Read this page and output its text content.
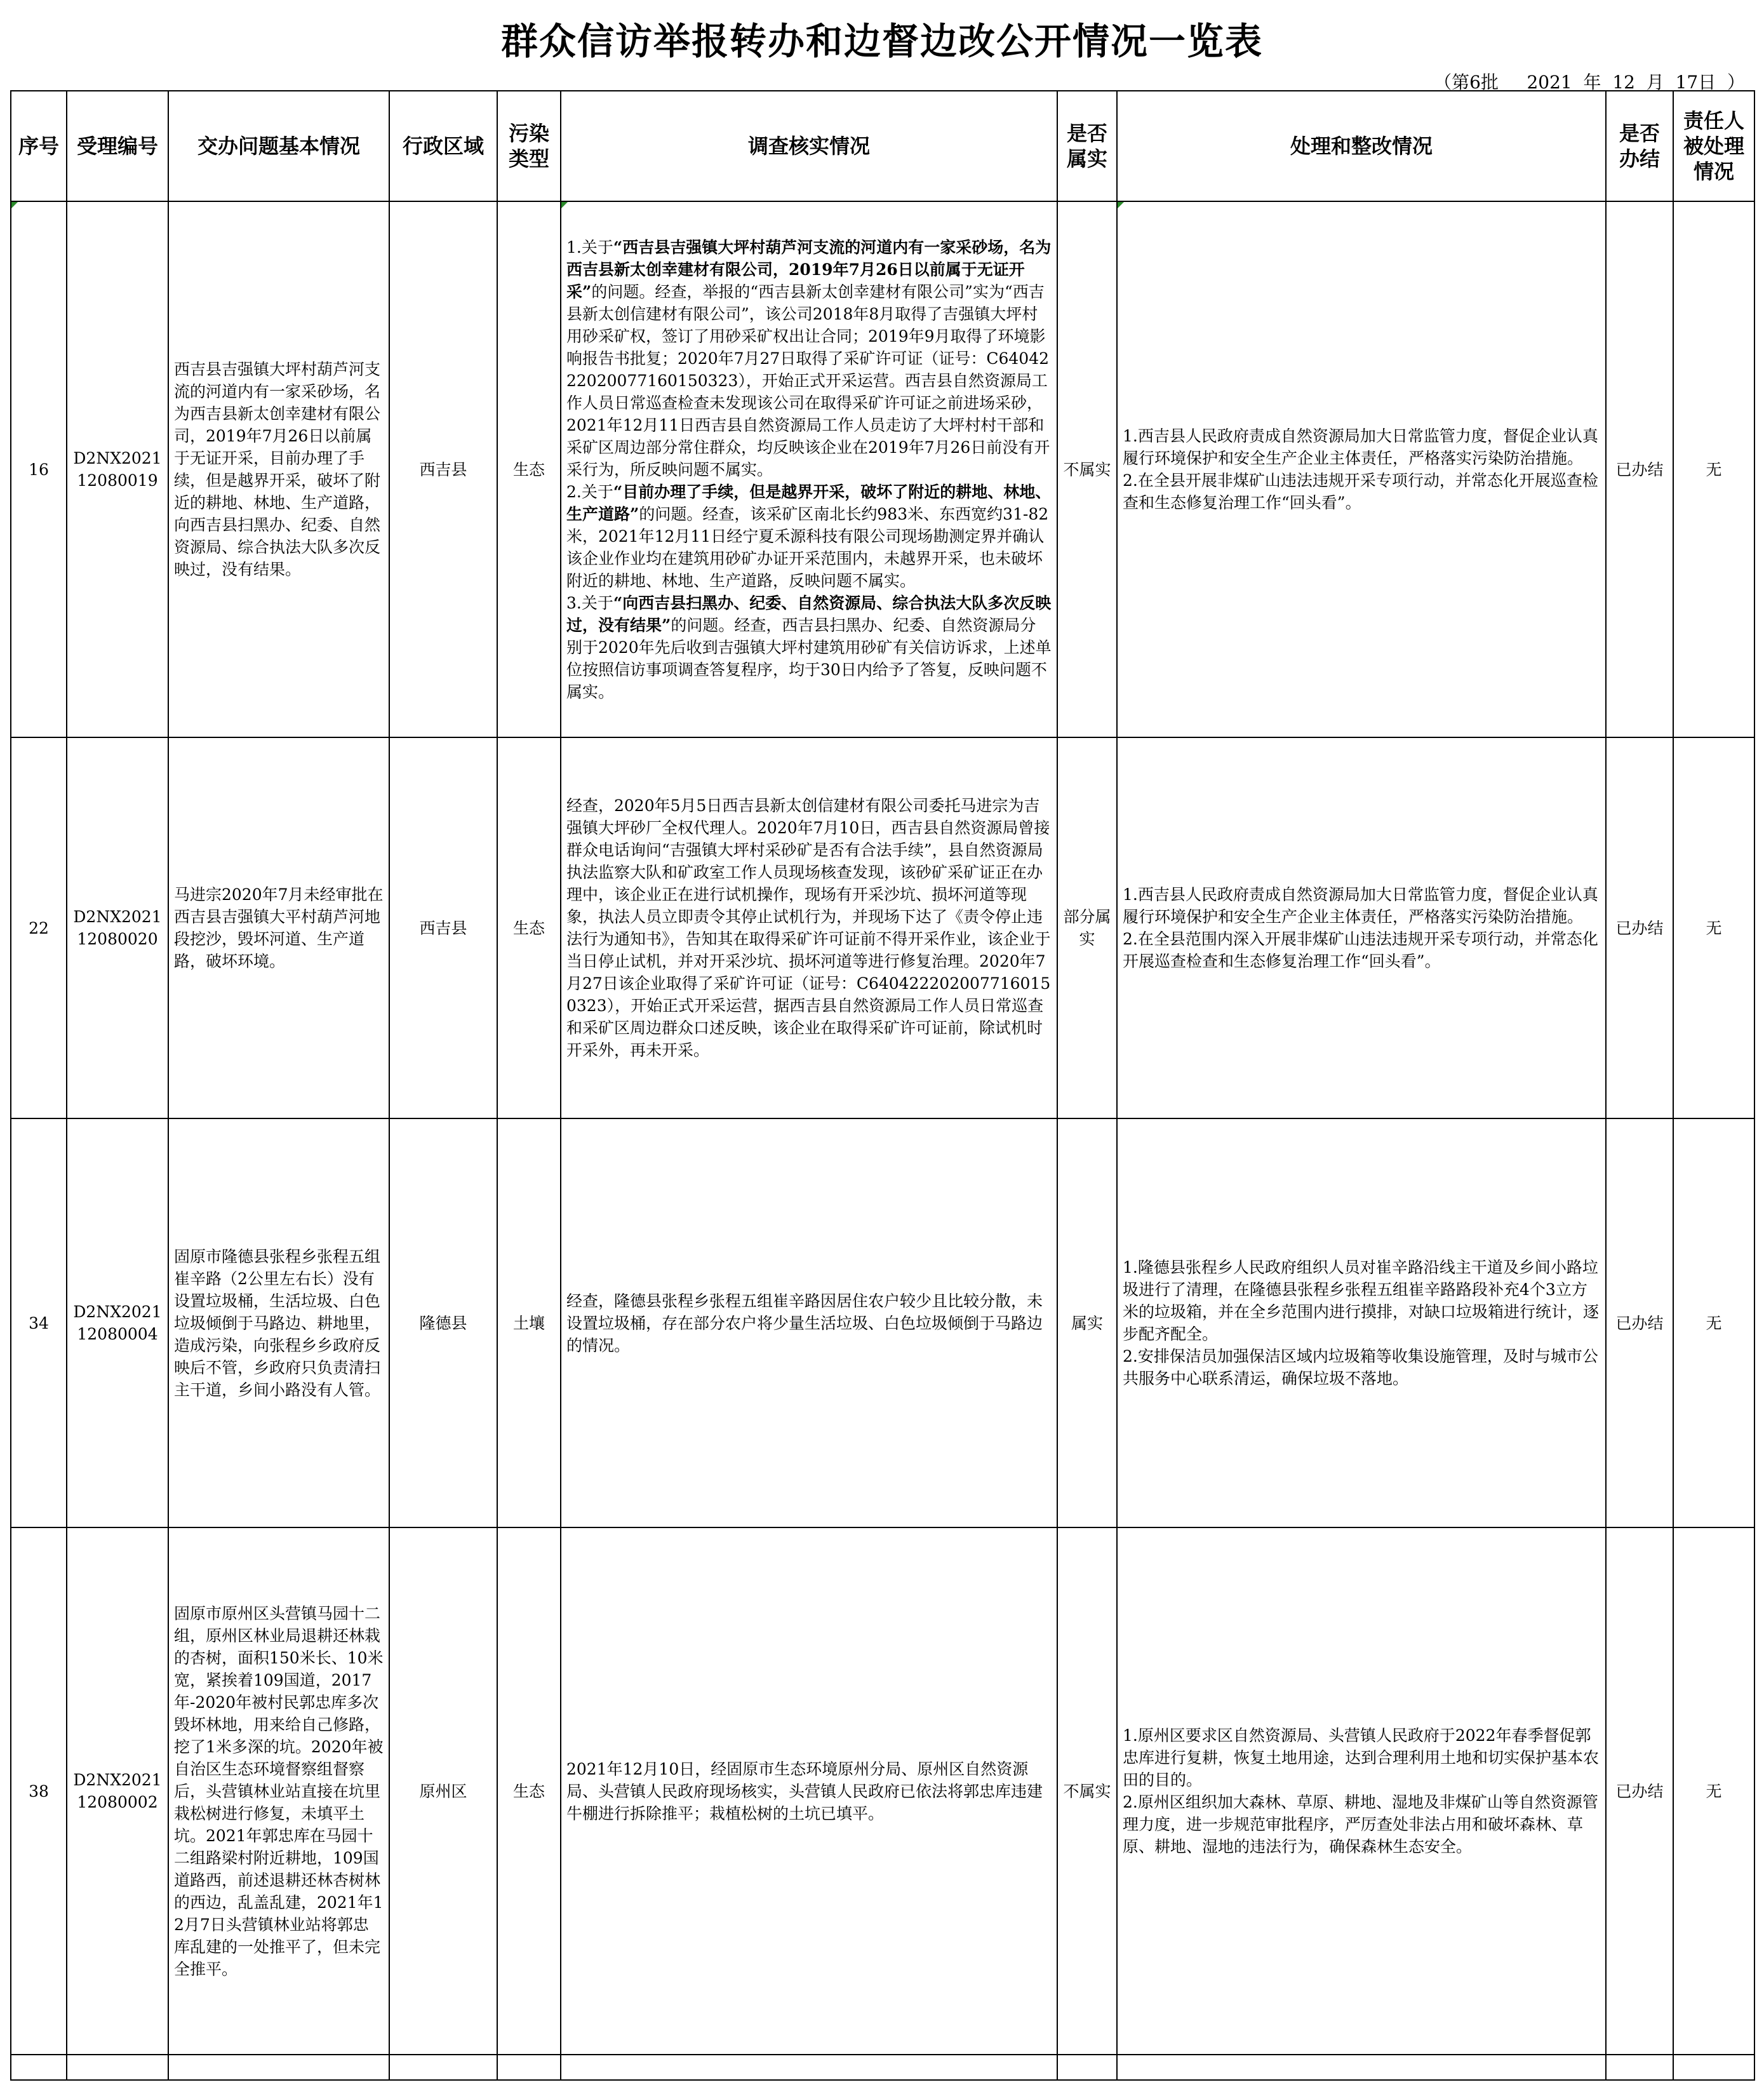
群众信访举报转办和边督边改公开情况一览表
（第6批     2021  年  12  月  17日  ）
序号	受理编号	交办问题基本情况	行政区域	污染类型	调查核实情况	是否属实	处理和整改情况	是否办结	责任人被处理情况
16	D2NX202112080019	西吉县吉强镇大坪村葫芦河支流的河道内有一家采砂场，名为西吉县新太创幸建材有限公司，2019年7月26日以前属于无证开采，目前办理了手续，但是越界开采，破坏了附近的耕地、林地、生产道路，向西吉县扫黑办、纪委、自然资源局、综合执法大队多次反映过，没有结果。	西吉县	生态	1.关于“西吉县吉强镇大坪村葫芦河支流的河道内有一家采砂场，名为西吉县新太创幸建材有限公司，2019年7月26日以前属于无证开采”的问题。经查，举报的“西吉县新太创幸建材有限公司”实为“西吉县新太创信建材有限公司”，该公司2018年8月取得了吉强镇大坪村用砂采矿权，签订了用砂采矿权出让合同；2019年9月取得了环境影响报告书批复；2020年7月27日取得了采矿许可证（证号：C6404222020077160150323），开始正式开采运营。西吉县自然资源局工作人员日常巡查检查未发现该公司在取得采矿许可证之前进场采砂，2021年12月11日西吉县自然资源局工作人员走访了大坪村村干部和采矿区周边部分常住群众，均反映该企业在2019年7月26日前没有开采行为，所反映问题不属实。
2.关于“目前办理了手续，但是越界开采，破坏了附近的耕地、林地、生产道路”的问题。经查，该采矿区南北长约983米、东西宽约31-82米，2021年12月11日经宁夏禾源科技有限公司现场勘测定界并确认该企业作业均在建筑用砂矿办证开采范围内，未越界开采，也未破坏附近的耕地、林地、生产道路，反映问题不属实。
3.关于“向西吉县扫黑办、纪委、自然资源局、综合执法大队多次反映过，没有结果”的问题。经查，西吉县扫黑办、纪委、自然资源局分别于2020年先后收到吉强镇大坪村建筑用砂矿有关信访诉求，上述单位按照信访事项调查答复程序，均于30日内给予了答复，反映问题不属实。	不属实	1.西吉县人民政府责成自然资源局加大日常监管力度，督促企业认真履行环境保护和安全生产企业主体责任，严格落实污染防治措施。
2.在全县开展非煤矿山违法违规开采专项行动，并常态化开展巡查检查和生态修复治理工作“回头看”。	已办结	无
22	D2NX202112080020	马进宗2020年7月未经审批在西吉县吉强镇大平村葫芦河地段挖沙，毁坏河道、生产道路，破坏环境。	西吉县	生态	经查，2020年5月5日西吉县新太创信建材有限公司委托马进宗为吉强镇大坪砂厂全权代理人。2020年7月10日，西吉县自然资源局曾接群众电话询问“吉强镇大坪村采砂矿是否有合法手续”，县自然资源局执法监察大队和矿政室工作人员现场核查发现，该砂矿采矿证正在办理中，该企业正在进行试机操作，现场有开采沙坑、损坏河道等现象，执法人员立即责令其停止试机行为，并现场下达了《责令停止违法行为通知书》，告知其在取得采矿许可证前不得开采作业，该企业于当日停止试机，并对开采沙坑、损坏河道等进行修复治理。2020年7月27日该企业取得了采矿许可证（证号：C6404222020077160150323），开始正式开采运营，据西吉县自然资源局工作人员日常巡查和采矿区周边群众口述反映，该企业在取得采矿许可证前，除试机时开采外，再未开采。	部分属实	1.西吉县人民政府责成自然资源局加大日常监管力度，督促企业认真履行环境保护和安全生产企业主体责任，严格落实污染防治措施。
2.在全县范围内深入开展非煤矿山违法违规开采专项行动，并常态化开展巡查检查和生态修复治理工作“回头看”。	已办结	无
34	D2NX202112080004	固原市隆德县张程乡张程五组崔辛路（2公里左右长）没有设置垃圾桶，生活垃圾、白色垃圾倾倒于马路边、耕地里，造成污染，向张程乡乡政府反映后不管，乡政府只负责清扫主干道，乡间小路没有人管。	隆德县	土壤	经查，隆德县张程乡张程五组崔辛路因居住农户较少且比较分散，未设置垃圾桶，存在部分农户将少量生活垃圾、白色垃圾倾倒于马路边的情况。	属实	1.隆德县张程乡人民政府组织人员对崔辛路沿线主干道及乡间小路垃圾进行了清理，在隆德县张程乡张程五组崔辛路路段补充4个3立方米的垃圾箱，并在全乡范围内进行摸排，对缺口垃圾箱进行统计，逐步配齐配全。
2.安排保洁员加强保洁区域内垃圾箱等收集设施管理，及时与城市公共服务中心联系清运，确保垃圾不落地。	已办结	无
38	D2NX202112080002	固原市原州区头营镇马园十二组，原州区林业局退耕还林栽的杏树，面积150米长、10米宽，紧挨着109国道，2017年-2020年被村民郭忠库多次毁坏林地，用来给自己修路，挖了1米多深的坑。2020年被自治区生态环境督察组督察后，头营镇林业站直接在坑里栽松树进行修复，未填平土坑。2021年郭忠库在马园十二组路梁村附近耕地，109国道路西，前述退耕还林杏树林的西边，乱盖乱建，2021年12月7日头营镇林业站将郭忠库乱建的一处推平了，但未完全推平。	原州区	生态	2021年12月10日，经固原市生态环境原州分局、原州区自然资源局、头营镇人民政府现场核实，头营镇人民政府已依法将郭忠库违建牛棚进行拆除推平；栽植松树的土坑已填平。	不属实	1.原州区要求区自然资源局、头营镇人民政府于2022年春季督促郭忠库进行复耕，恢复土地用途，达到合理利用土地和切实保护基本农田的目的。
2.原州区组织加大森林、草原、耕地、湿地及非煤矿山等自然资源管理力度，进一步规范审批程序，严厉查处非法占用和破坏森林、草原、耕地、湿地的违法行为，确保森林生态安全。	已办结	无
